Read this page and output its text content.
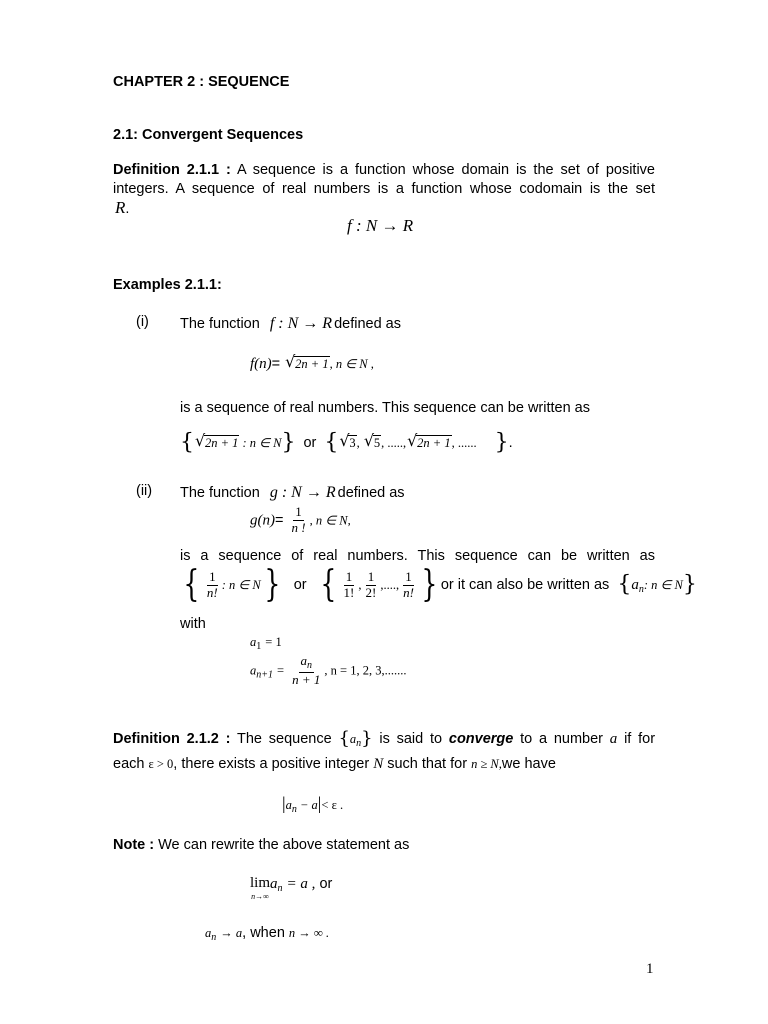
CHAPTER 2 : SEQUENCE
2.1: Convergent Sequences
Definition 2.1.1 : A sequence is a function whose domain is the set of positive
integers. A sequence of real numbers is a function whose codomain is the set
R.
f : N → R
Examples 2.1.1:
(i) The function f : N → R defined as
f(n)= √ 2n + 1, n ∈ N ,
is a sequence of real numbers. This sequence can be written as
{ √ 2n + 1 : n ∈ N} or { √ 3, √ 5, ....., √ 2n + 1, ...... }.
(ii) The function g : N → R defined as
$g(n)= \frac{1}{n !}$ , n ∈ N,
is a sequence of real numbers. This sequence can be written as
{ $\frac{1}{n!}$ : n ∈ N} or { $\frac{1}{1!}$ , $\frac{1}{2!}$ ,...., $\frac{1}{n!}$ } or it can also be written as {$a_n$: n ∈ N}
with
$a_1 = 1$
$a_{n+1} = \frac{a_n}{n + 1}$ , n = 1, 2, 3,.......
Definition 2.1.2 : The sequence $\{a_n\}$ is said to converge to a number a if for
each ε > 0, there exists a positive integer N such that for n ≥ N,we have
$|a_n - a|< \varepsilon$ .
Note : We can rewrite the above statement as
lim
n→∞
$a_n = a$ , or
$a_n \to a$, when n → ∞ .
1
